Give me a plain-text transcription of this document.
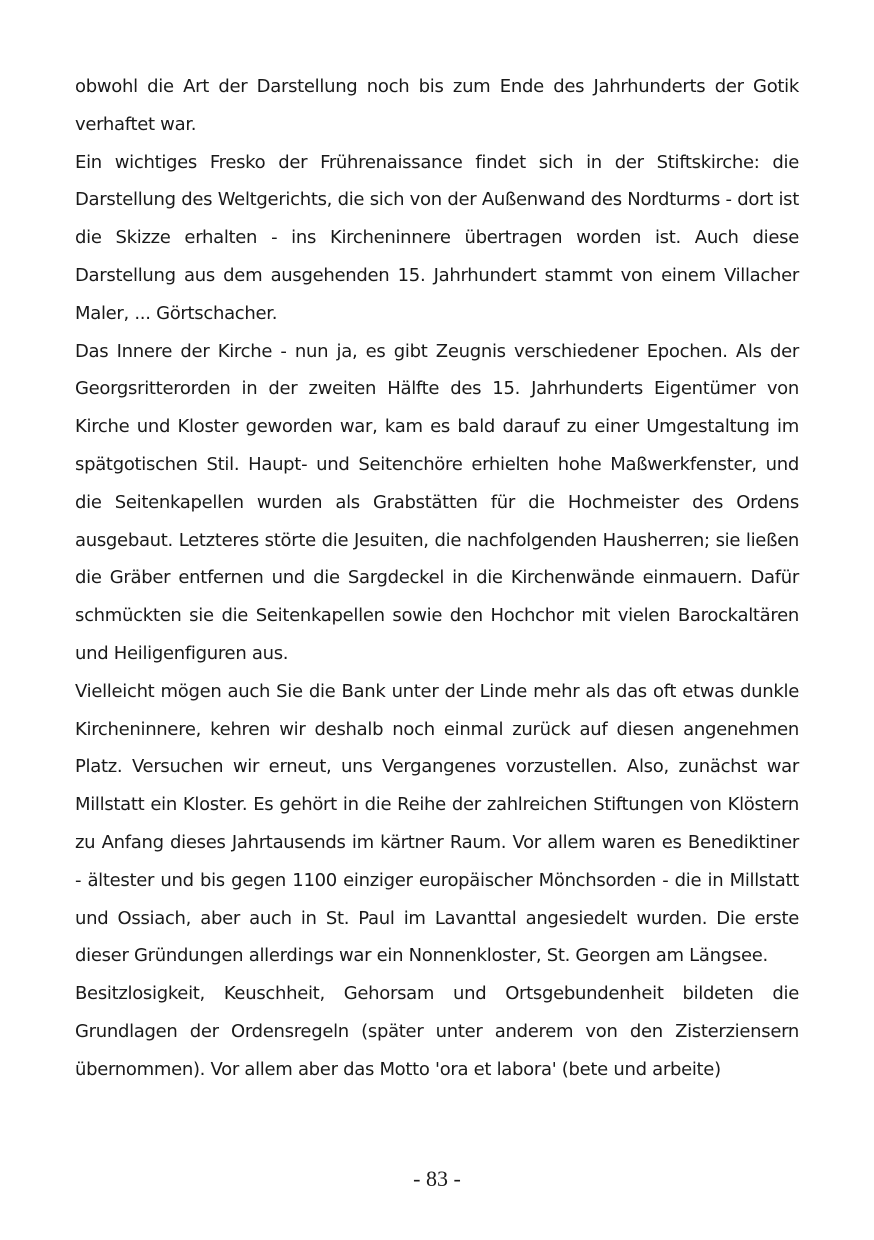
obwohl die Art der Darstellung noch bis zum Ende des Jahrhunderts der Gotik verhaftet war.

Ein wichtiges Fresko der Frührenaissance findet sich in der Stiftskirche: die Darstellung des Weltgerichts, die sich von der Außenwand des Nordturms - dort ist die Skizze erhalten - ins Kircheninnere übertragen worden ist. Auch diese Darstellung aus dem ausgehenden 15. Jahrhundert stammt von einem Villacher Maler, ... Görtschacher.

Das Innere der Kirche - nun ja, es gibt Zeugnis verschiedener Epochen. Als der Georgsritterorden in der zweiten Hälfte des 15. Jahrhunderts Eigentümer von Kirche und Kloster geworden war, kam es bald darauf zu einer Umgestaltung im spätgotischen Stil. Haupt- und Seitenchöre erhielten hohe Maßwerkfenster, und die Seitenkapellen wurden als Grabstätten für die Hochmeister des Ordens ausgebaut. Letzteres störte die Jesuiten, die nachfolgenden Hausherren; sie ließen die Gräber entfernen und die Sargdeckel in die Kirchenwände einmauern. Dafür schmückten sie die Seitenkapellen sowie den Hochchor mit vielen Barockaltären und Heiligenfiguren aus.

Vielleicht mögen auch Sie die Bank unter der Linde mehr als das oft etwas dunkle Kircheninnere, kehren wir deshalb noch einmal zurück auf diesen angenehmen Platz. Versuchen wir erneut, uns Vergangenes vorzustellen. Also, zunächst war Millstatt ein Kloster. Es gehört in die Reihe der zahlreichen Stiftungen von Klöstern zu Anfang dieses Jahrtausends im kärtner Raum. Vor allem waren es Benediktiner - ältester und bis gegen 1100 einziger europäischer Mönchsorden - die in Millstatt und Ossiach, aber auch in St. Paul im Lavanttal angesiedelt wurden. Die erste dieser Gründungen allerdings war ein Nonnenkloster, St. Georgen am Längsee.

Besitzlosigkeit, Keuschheit, Gehorsam und Ortsgebundenheit bildeten die Grundlagen der Ordensregeln (später unter anderem von den Zisterziensern übernommen). Vor allem aber das Motto 'ora et labora' (bete und arbeite)

- 83 -
